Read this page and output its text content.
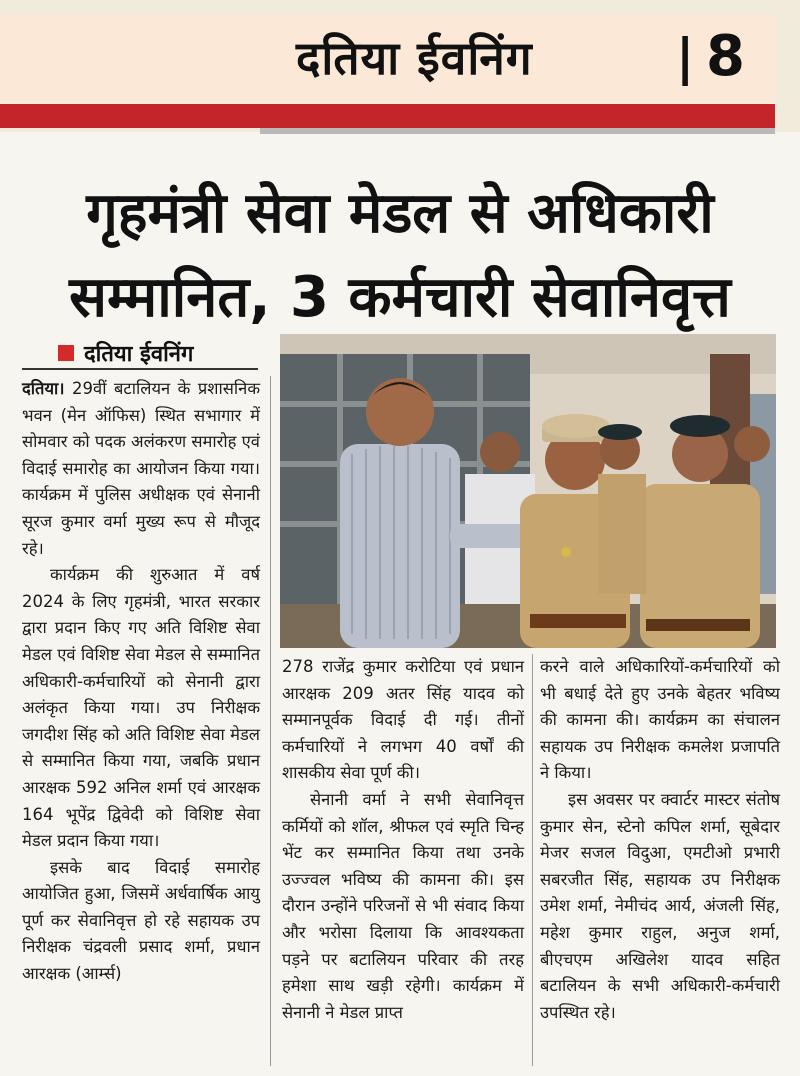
दतिया ईवनिंग	| 8
गृहमंत्री सेवा मेडल से अधिकारी
सम्मानित, 3 कर्मचारी सेवानिवृत्त
दतिया ईवनिंग

दतिया। 29वीं बटालियन के प्रशासनिक भवन (मेन ऑफिस) स्थित सभागार में सोमवार को पदक अलंकरण समारोह एवं विदाई समारोह का आयोजन किया गया। कार्यक्रम में पुलिस अधीक्षक एवं सेनानी सूरज कुमार वर्मा मुख्य रूप से मौजूद रहे।

कार्यक्रम की शुरुआत में वर्ष 2024 के लिए गृहमंत्री, भारत सरकार द्वारा प्रदान किए गए अति विशिष्ट सेवा मेडल एवं विशिष्ट सेवा मेडल से सम्मानित अधिकारी-कर्मचारियों को सेनानी द्वारा अलंकृत किया गया। उप निरीक्षक जगदीश सिंह को अति विशिष्ट सेवा मेडल से सम्मानित किया गया, जबकि प्रधान आरक्षक 592 अनिल शर्मा एवं आरक्षक 164 भूपेंद्र द्विवेदी को विशिष्ट सेवा मेडल प्रदान किया गया।

इसके बाद विदाई समारोह आयोजित हुआ, जिसमें अर्धवार्षिक आयु पूर्ण कर सेवानिवृत्त हो रहे सहायक उप निरीक्षक चंद्रवली प्रसाद शर्मा, प्रधान आरक्षक (आर्म्स)

278 राजेंद्र कुमार करोटिया एवं प्रधान आरक्षक 209 अतर सिंह यादव को सम्मानपूर्वक विदाई दी गई। तीनों कर्मचारियों ने लगभग 40 वर्षों की शासकीय सेवा पूर्ण की।

सेनानी वर्मा ने सभी सेवानिवृत्त कर्मियों को शॉल, श्रीफल एवं स्मृति चिन्ह भेंट कर सम्मानित किया तथा उनके उज्ज्वल भविष्य की कामना की। इस दौरान उन्होंने परिजनों से भी संवाद किया और भरोसा दिलाया कि आवश्यकता पड़ने पर बटालियन परिवार की तरह हमेशा साथ खड़ी रहेगी। कार्यक्रम में सेनानी ने मेडल प्राप्त

करने वाले अधिकारियों-कर्मचारियों को भी बधाई देते हुए उनके बेहतर भविष्य की कामना की। कार्यक्रम का संचालन सहायक उप निरीक्षक कमलेश प्रजापति ने किया।

इस अवसर पर क्वार्टर मास्टर संतोष कुमार सेन, स्टेनो कपिल शर्मा, सूबेदार मेजर सजल विदुआ, एमटीओ प्रभारी सबरजीत सिंह, सहायक उप निरीक्षक उमेश शर्मा, नेमीचंद आर्य, अंजली सिंह, महेश कुमार राहुल, अनुज शर्मा, बीएचएम अखिलेश यादव सहित बटालियन के सभी अधिकारी-कर्मचारी उपस्थित रहे।
